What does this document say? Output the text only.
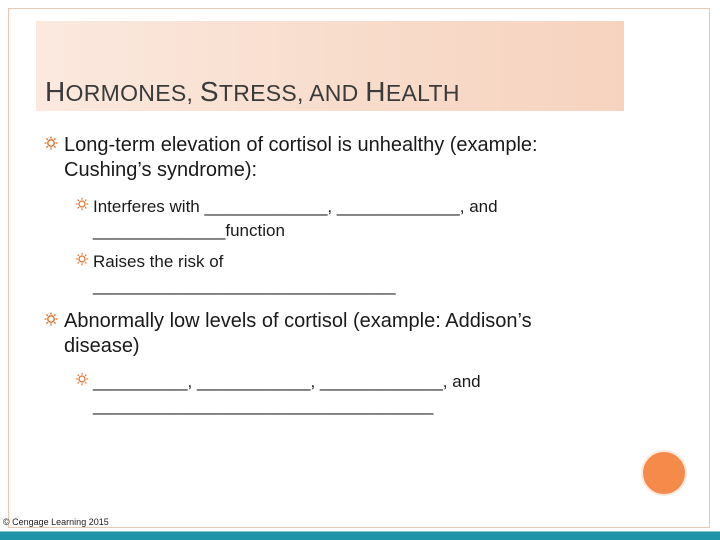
HORMONES, STRESS, AND HEALTH
Long-term elevation of cortisol is unhealthy (example: Cushing’s syndrome):
Interferes with _____________, _____________, and ______________function
Raises the risk of ________________________________
Abnormally low levels of cortisol (example: Addison’s disease)
__________, ____________, _____________, and ____________________________________
© Cengage Learning 2015
